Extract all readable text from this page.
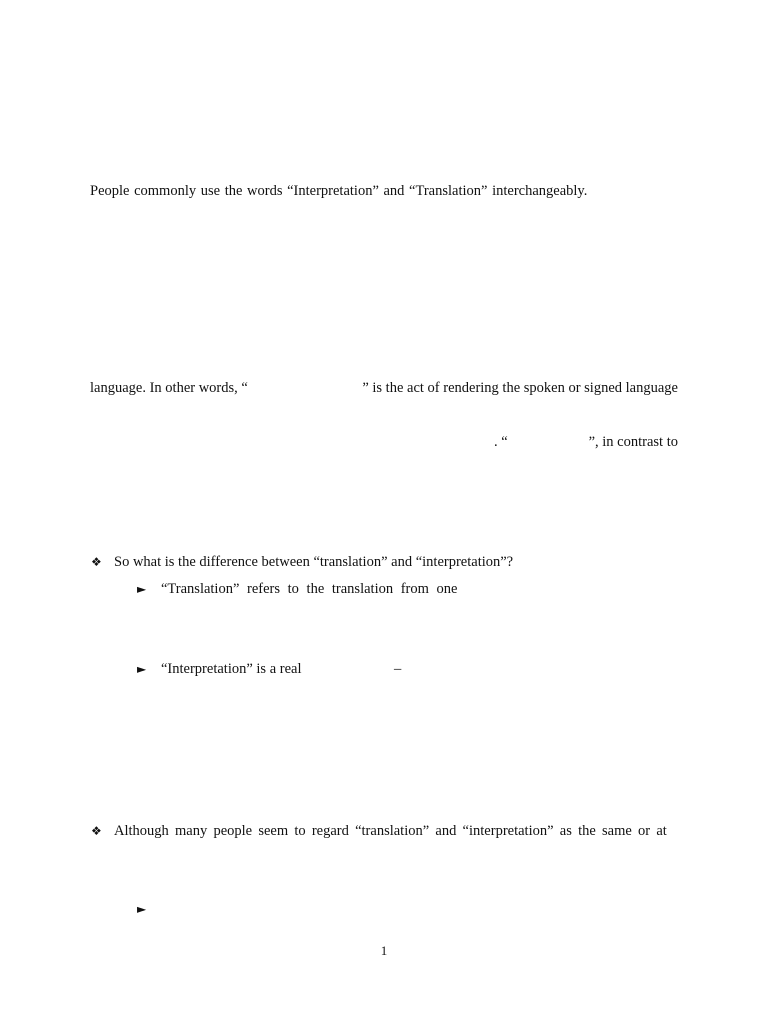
People commonly use the words “Interpretation” and “Translation” interchangeably.
language. In other words, “	” is the act of rendering the spoken or signed language
. “	”, in contrast to
❖ So what is the difference between “translation” and “interpretation”?
► “Translation” refers to the translation from one
► “Interpretation” is a real	–
❖ Although many people seem to regard “translation” and “interpretation” as the same or at
►
1
